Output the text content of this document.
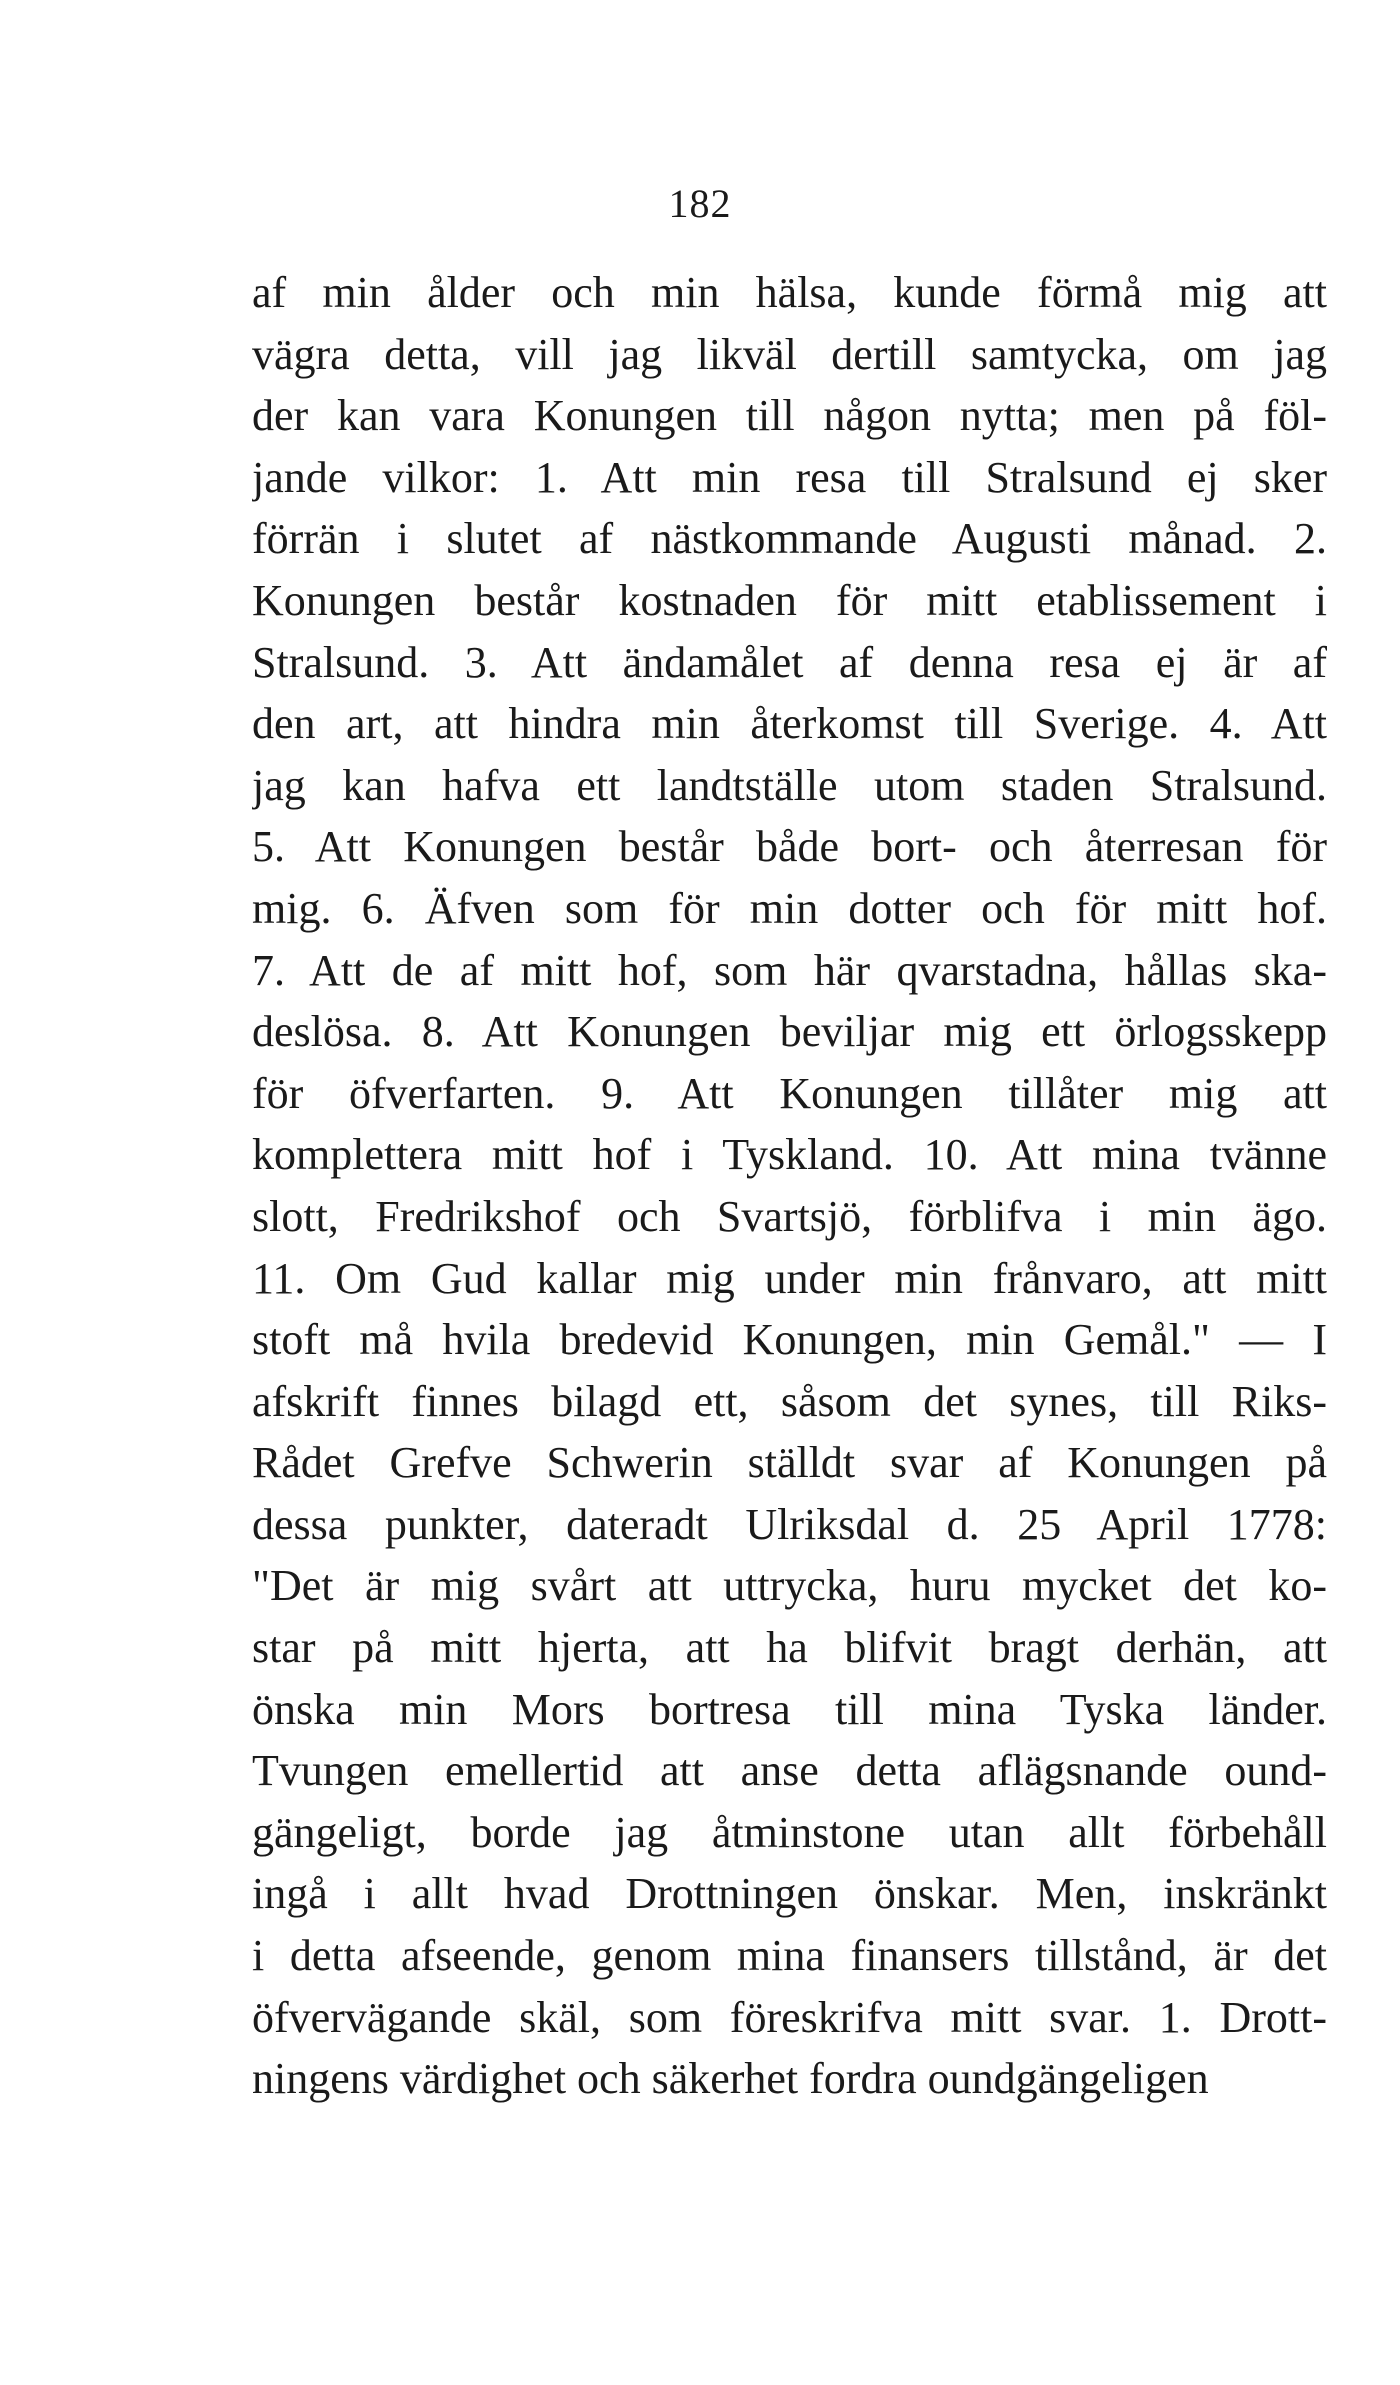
182
af min ålder och min hälsa, kunde förmå mig att
vägra detta, vill jag likväl dertill samtycka, om jag
der kan vara Konungen till någon nytta; men på föl-
jande vilkor: 1. Att min resa till Stralsund ej sker
förrän i slutet af nästkommande Augusti månad. 2.
Konungen består kostnaden för mitt etablissement i
Stralsund. 3. Att ändamålet af denna resa ej är af
den art, att hindra min återkomst till Sverige. 4. Att
jag kan hafva ett landtställe utom staden Stralsund.
5. Att Konungen består både bort- och återresan för
mig. 6. Äfven som för min dotter och för mitt hof.
7. Att de af mitt hof, som här qvarstadna, hållas ska-
deslösa. 8. Att Konungen beviljar mig ett örlogsskepp
för öfverfarten. 9. Att Konungen tillåter mig att
komplettera mitt hof i Tyskland. 10. Att mina tvänne
slott, Fredrikshof och Svartsjö, förblifva i min ägo.
11. Om Gud kallar mig under min frånvaro, att mitt
stoft må hvila bredevid Konungen, min Gemål." — I
afskrift finnes bilagd ett, såsom det synes, till Riks-
Rådet Grefve Schwerin ställdt svar af Konungen på
dessa punkter, dateradt Ulriksdal d. 25 April 1778:
"Det är mig svårt att uttrycka, huru mycket det ko-
star på mitt hjerta, att ha blifvit bragt derhän, att
önska min Mors bortresa till mina Tyska länder.
Tvungen emellertid att anse detta aflägsnande ound-
gängeligt, borde jag åtminstone utan allt förbehåll
ingå i allt hvad Drottningen önskar. Men, inskränkt
i detta afseende, genom mina finansers tillstånd, är det
öfvervägande skäl, som föreskrifva mitt svar. 1. Drott-
ningens värdighet och säkerhet fordra oundgängeligen
